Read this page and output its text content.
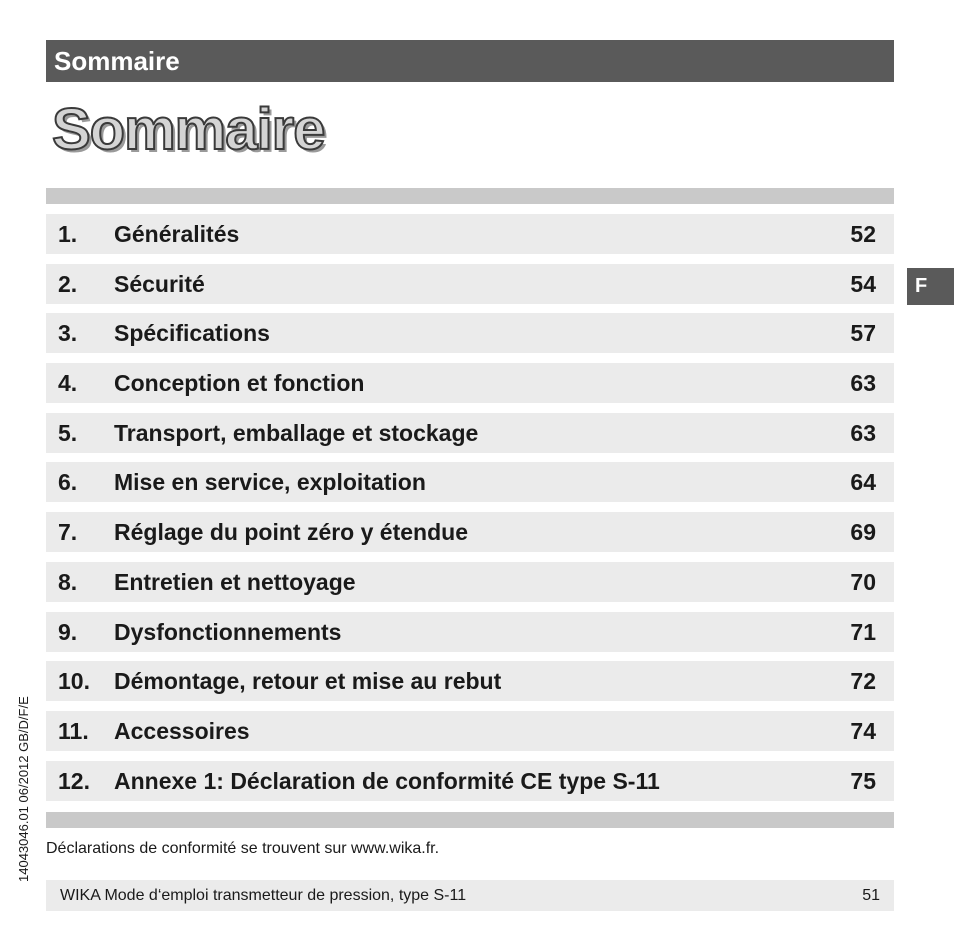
Sommaire
Sommaire
1. Généralités	52
2. Sécurité	54
3. Spécifications	57
4. Conception et fonction	63
5. Transport, emballage et stockage	63
6. Mise en service, exploitation	64
7. Réglage du point zéro y étendue	69
8. Entretien et nettoyage	70
9. Dysfonctionnements	71
10. Démontage, retour et mise au rebut	72
11. Accessoires	74
12. Annexe 1: Déclaration de conformité CE type S-11	75
F
Déclarations de conformité se trouvent sur www.wika.fr.
WIKA Mode d‘emploi transmetteur de pression, type S-11	51
14043046.01 06/2012 GB/D/F/E
